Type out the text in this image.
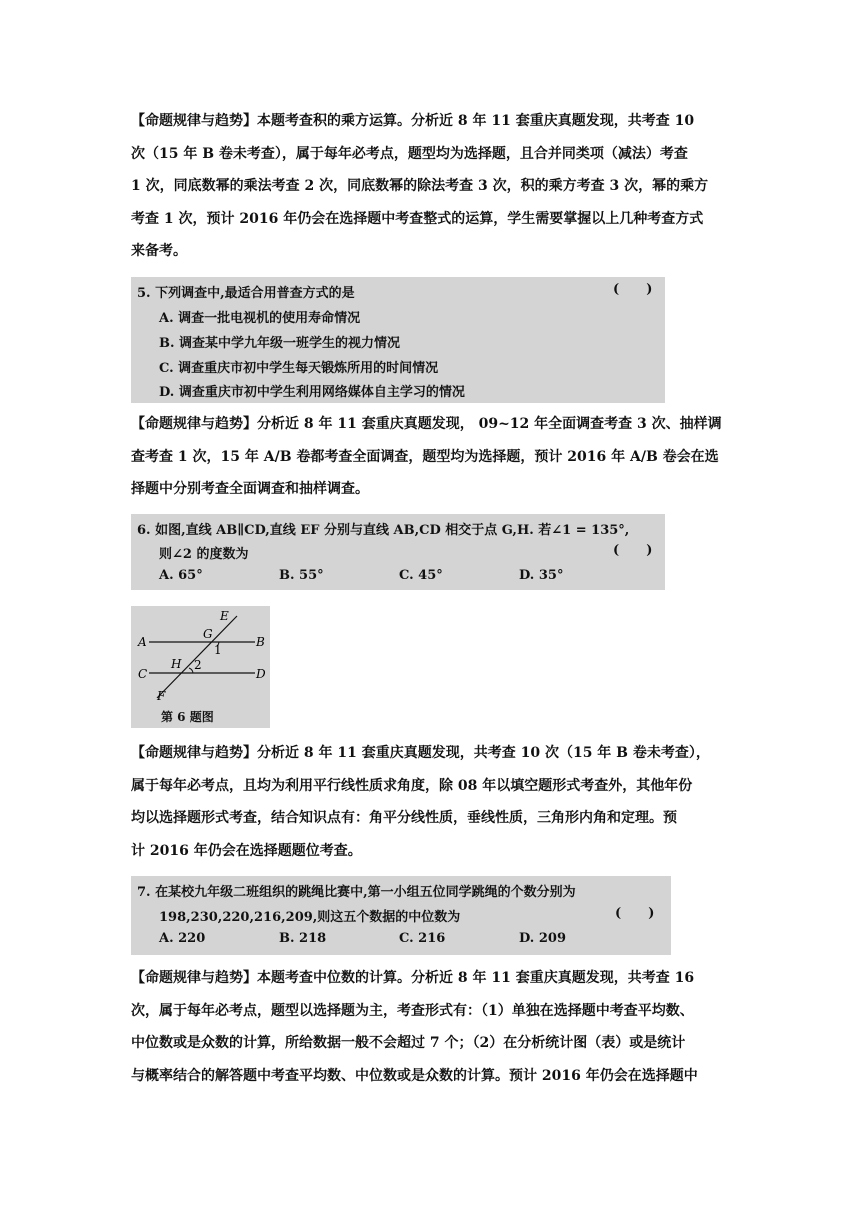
【命题规律与趋势】本题考查积的乘方运算。分析近 8 年 11 套重庆真题发现，共考查 10
次（15 年 B 卷未考查），属于每年必考点，题型均为选择题，且合并同类项（减法）考查
1 次，同底数幂的乘法考查 2 次，同底数幂的除法考查 3 次，积的乘方考查 3 次，幂的乘方
考查 1 次，预计 2016 年仍会在选择题中考查整式的运算，学生需要掌握以上几种考查方式
来备考。
5. 下列调查中,最适合用普查方式的是	(      )
A. 调查一批电视机的使用寿命情况
B. 调查某中学九年级一班学生的视力情况
C. 调查重庆市初中学生每天锻炼所用的时间情况
D. 调查重庆市初中学生利用网络媒体自主学习的情况
【命题规律与趋势】分析近 8 年 11 套重庆真题发现， 09~12 年全面调查考查 3 次、抽样调
查考查 1 次，15 年 A/B 卷都考查全面调查，题型均为选择题，预计 2016 年 A/B 卷会在选
择题中分别考查全面调查和抽样调查。
6. 如图,直线 AB∥CD,直线 EF 分别与直线 AB,CD 相交于点 G,H. 若∠1 = 135°,
则∠2 的度数为	(      )
A. 65°	B. 55°	C. 45°	D. 35°
E
A	B
G
1
H 2
C	D
F
第 6 题图
【命题规律与趋势】分析近 8 年 11 套重庆真题发现，共考查 10 次（15 年 B 卷未考查），
属于每年必考点，且均为利用平行线性质求角度，除 08 年以填空题形式考查外，其他年份
均以选择题形式考查，结合知识点有：角平分线性质，垂线性质，三角形内角和定理。预
计 2016 年仍会在选择题题位考查。
7. 在某校九年级二班组织的跳绳比赛中,第一小组五位同学跳绳的个数分别为
198,230,220,216,209,则这五个数据的中位数为	(      )
A. 220	B. 218	C. 216	D. 209
【命题规律与趋势】本题考查中位数的计算。分析近 8 年 11 套重庆真题发现，共考查 16
次，属于每年必考点，题型以选择题为主，考查形式有：（1）单独在选择题中考查平均数、
中位数或是众数的计算，所给数据一般不会超过 7 个；（2）在分析统计图（表）或是统计
与概率结合的解答题中考查平均数、中位数或是众数的计算。预计 2016 年仍会在选择题中
